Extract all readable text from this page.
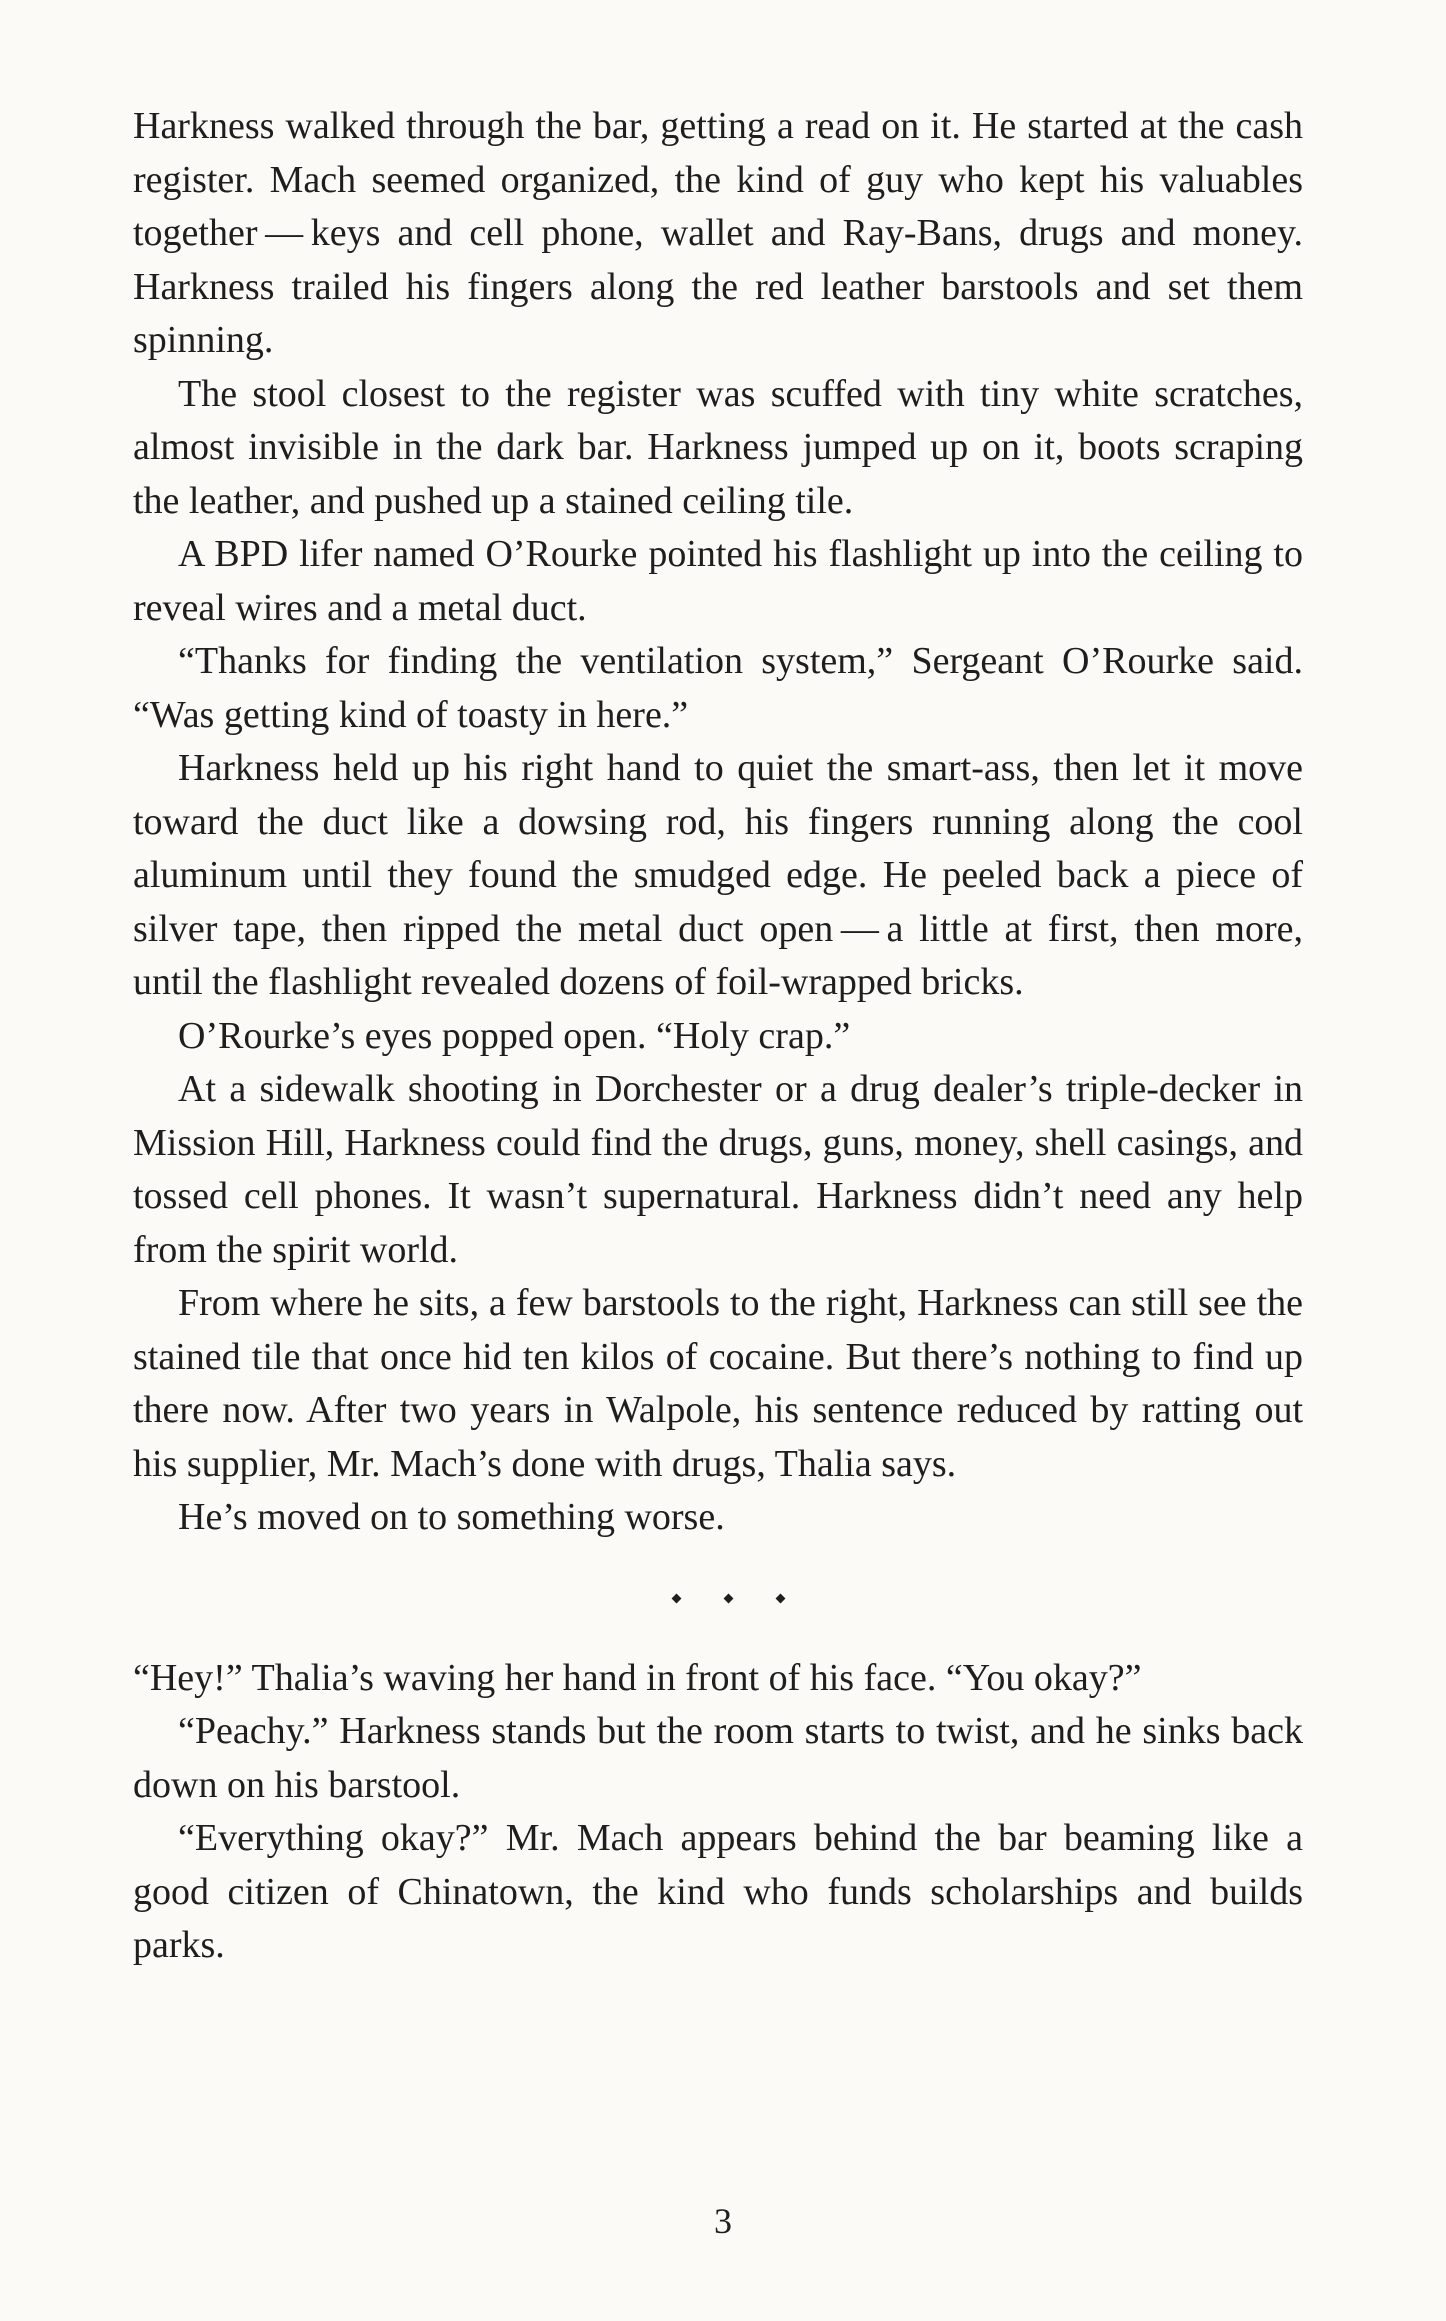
Harkness walked through the bar, getting a read on it. He started at the cash register. Mach seemed organized, the kind of guy who kept his valuables together — keys and cell phone, wallet and Ray-Bans, drugs and money. Harkness trailed his fingers along the red leather barstools and set them spinning.

The stool closest to the register was scuffed with tiny white scratches, almost invisible in the dark bar. Harkness jumped up on it, boots scraping the leather, and pushed up a stained ceiling tile.

A BPD lifer named O’Rourke pointed his flashlight up into the ceiling to reveal wires and a metal duct.

“Thanks for finding the ventilation system,” Sergeant O’Rourke said. “Was getting kind of toasty in here.”

Harkness held up his right hand to quiet the smart-ass, then let it move toward the duct like a dowsing rod, his fingers running along the cool aluminum until they found the smudged edge. He peeled back a piece of silver tape, then ripped the metal duct open — a little at first, then more, until the flashlight revealed dozens of foil-wrapped bricks.

O’Rourke’s eyes popped open. “Holy crap.”

At a sidewalk shooting in Dorchester or a drug dealer’s triple-decker in Mission Hill, Harkness could find the drugs, guns, money, shell casings, and tossed cell phones. It wasn’t supernatural. Harkness didn’t need any help from the spirit world.

From where he sits, a few barstools to the right, Harkness can still see the stained tile that once hid ten kilos of cocaine. But there’s nothing to find up there now. After two years in Walpole, his sentence reduced by ratting out his supplier, Mr. Mach’s done with drugs, Thalia says.

He’s moved on to something worse.

“Hey!” Thalia’s waving her hand in front of his face. “You okay?”

“Peachy.” Harkness stands but the room starts to twist, and he sinks back down on his barstool.

“Everything okay?” Mr. Mach appears behind the bar beaming like a good citizen of Chinatown, the kind who funds scholarships and builds parks.

3
